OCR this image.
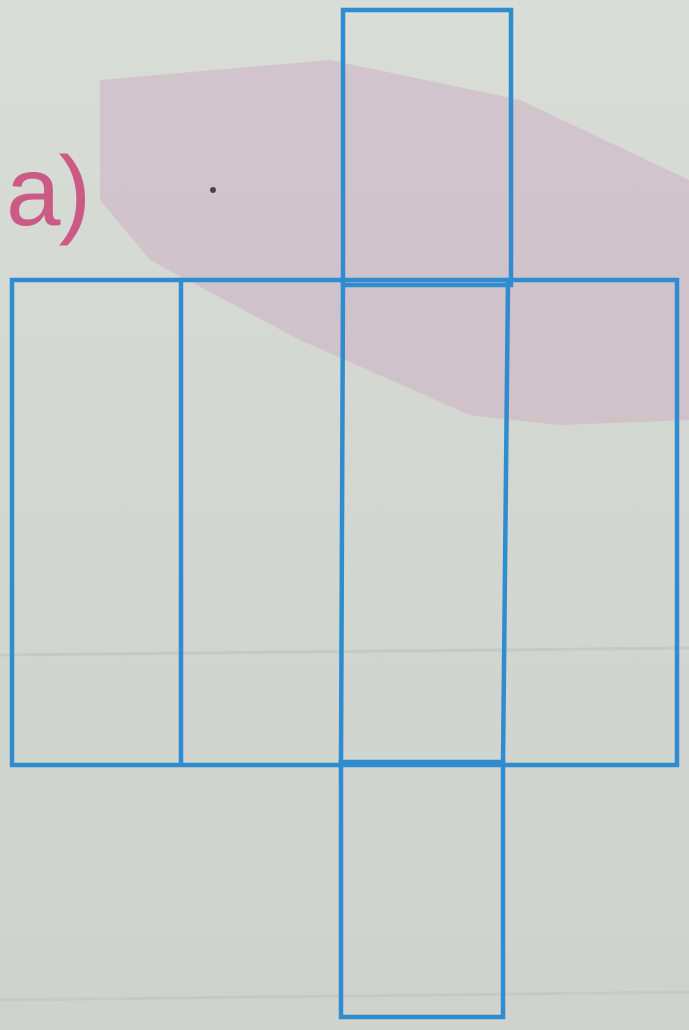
a)
